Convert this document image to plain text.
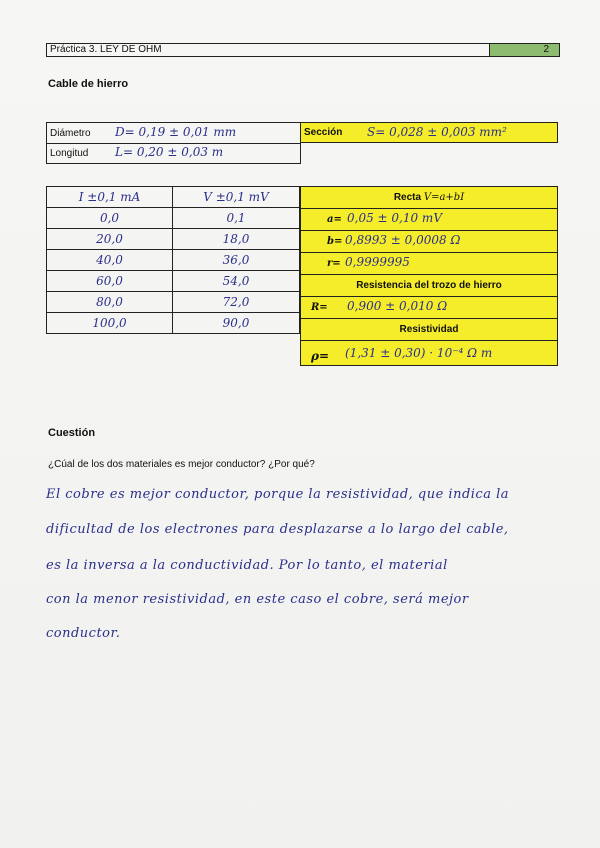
Práctica 3. LEY DE OHM	2
Cable de hierro
Diámetro D= 0,19 ± 0,01 mm
Longitud L= 0,20 ± 0,03 m
Sección S= 0,028 ± 0,003 mm²
I ±0,1 mA	V ±0,1 mV
0,0	0,1
20,0	18,0
40,0	36,0
60,0	54,0
80,0	72,0
100,0	90,0
Recta V=a+bI
a= 0,05 ± 0,10 mV
b= 0,8993 ± 0,0008 Ω
r= 0,9999995
Resistencia del trozo de hierro
R= 0,900 ± 0,010 Ω
Resistividad
ρ= (1,31 ± 0,30) · 10⁻⁴ Ω m
Cuestión
¿Cúal de los dos materiales es mejor conductor? ¿Por qué?
El cobre es mejor conductor, porque la resistividad, que indica la
dificultad de los electrones para desplazarse a lo largo del cable,
es la inversa a la conductividad. Por lo tanto, el material
con la menor resistividad, en este caso el cobre, será mejor
conductor.
